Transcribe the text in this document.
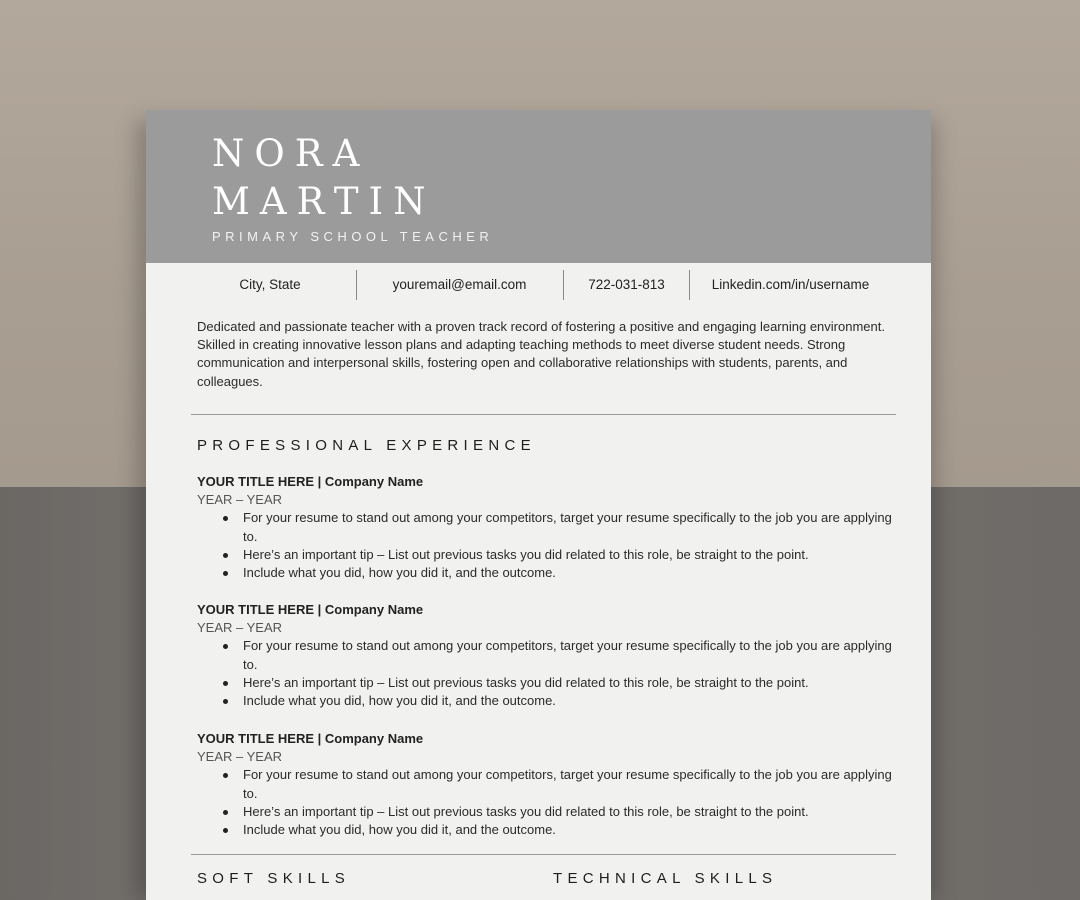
NORA
MARTIN
PRIMARY SCHOOL TEACHER
City, State	youremail@email.com	722-031-813	Linkedin.com/in/username
Dedicated and passionate teacher with a proven track record of fostering a positive and engaging learning environment. Skilled in creating innovative lesson plans and adapting teaching methods to meet diverse student needs. Strong communication and interpersonal skills, fostering open and collaborative relationships with students, parents, and colleagues.
PROFESSIONAL EXPERIENCE
YOUR TITLE HERE | Company Name
YEAR – YEAR
For your resume to stand out among your competitors, target your resume specifically to the job you are applying to.
Here’s an important tip – List out previous tasks you did related to this role, be straight to the point.
Include what you did, how you did it, and the outcome.
YOUR TITLE HERE | Company Name
YEAR – YEAR
For your resume to stand out among your competitors, target your resume specifically to the job you are applying to.
Here’s an important tip – List out previous tasks you did related to this role, be straight to the point.
Include what you did, how you did it, and the outcome.
YOUR TITLE HERE | Company Name
YEAR – YEAR
For your resume to stand out among your competitors, target your resume specifically to the job you are applying to.
Here’s an important tip – List out previous tasks you did related to this role, be straight to the point.
Include what you did, how you did it, and the outcome.
SOFT SKILLS	TECHNICAL SKILLS
